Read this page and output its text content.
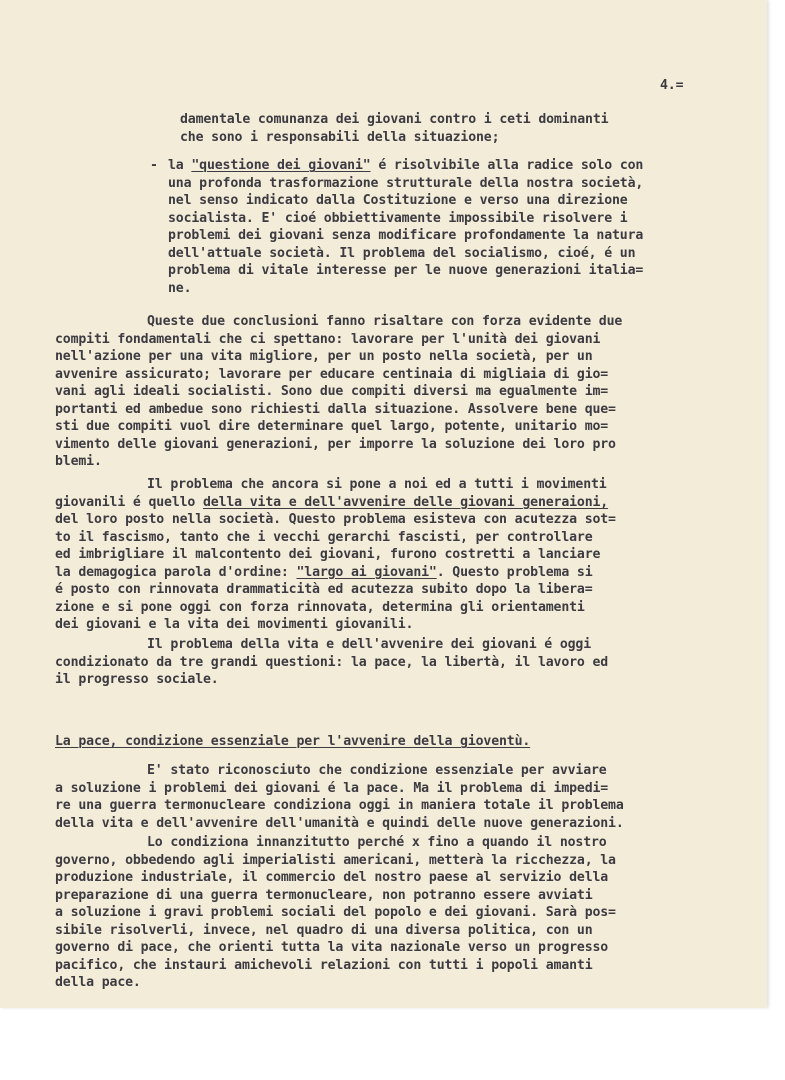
4.=

damentale comunanza dei giovani contro i ceti dominanti

che sono i responsabili della situazione;

- la "questione dei giovani" é risolvibile alla radice solo con

una profonda trasformazione strutturale della nostra società,

nel senso indicato dalla Costituzione e verso una direzione

socialista. E' cioé obbiettivamente impossibile risolvere i

problemi dei giovani senza modificare profondamente la natura

dell'attuale società. Il problema del socialismo, cioé, é un

problema di vitale interesse per le nuove generazioni italia=

ne.

Queste due conclusioni fanno risaltare con forza evidente due

compiti fondamentali che ci spettano: lavorare per l'unità dei giovani

nell'azione per una vita migliore, per un posto nella società, per un

avvenire assicurato; lavorare per educare centinaia di migliaia di gio=

vani agli ideali socialisti. Sono due compiti diversi ma egualmente im=

portanti ed ambedue sono richiesti dalla situazione. Assolvere bene que=

sti due compiti vuol dire determinare quel largo, potente, unitario mo=

vimento delle giovani generazioni, per imporre la soluzione dei loro pro

blemi.

Il problema che ancora si pone a noi ed a tutti i movimenti

giovanili é quello della vita e dell'avvenire delle giovani generaioni,

del loro posto nella società. Questo problema esisteva con acutezza sot=

to il fascismo, tanto che i vecchi gerarchi fascisti, per controllare

ed imbrigliare il malcontento dei giovani, furono costretti a lanciare

la demagogica parola d'ordine: "largo ai giovani". Questo problema si

é posto con rinnovata drammaticità ed acutezza subito dopo la libera=

zione e si pone oggi con forza rinnovata, determina gli orientamenti

dei giovani e la vita dei movimenti giovanili.

Il problema della vita e dell'avvenire dei giovani é oggi

condizionato da tre grandi questioni: la pace, la libertà, il lavoro ed

il progresso sociale.

La pace, condizione essenziale per l'avvenire della gioventù.

E' stato riconosciuto che condizione essenziale per avviare

a soluzione i problemi dei giovani é la pace. Ma il problema di impedi=

re una guerra termonucleare condiziona oggi in maniera totale il problema

della vita e dell'avvenire dell'umanità e quindi delle nuove generazioni.

Lo condiziona innanzitutto perché x fino a quando il nostro

governo, obbedendo agli imperialisti americani, metterà la ricchezza, la

produzione industriale, il commercio del nostro paese al servizio della

preparazione di una guerra termonucleare, non potranno essere avviati

a soluzione i gravi problemi sociali del popolo e dei giovani. Sarà pos=

sibile risolverli, invece, nel quadro di una diversa politica, con un

governo di pace, che orienti tutta la vita nazionale verso un progresso

pacifico, che instauri amichevoli relazioni con tutti i popoli amanti

della pace.
